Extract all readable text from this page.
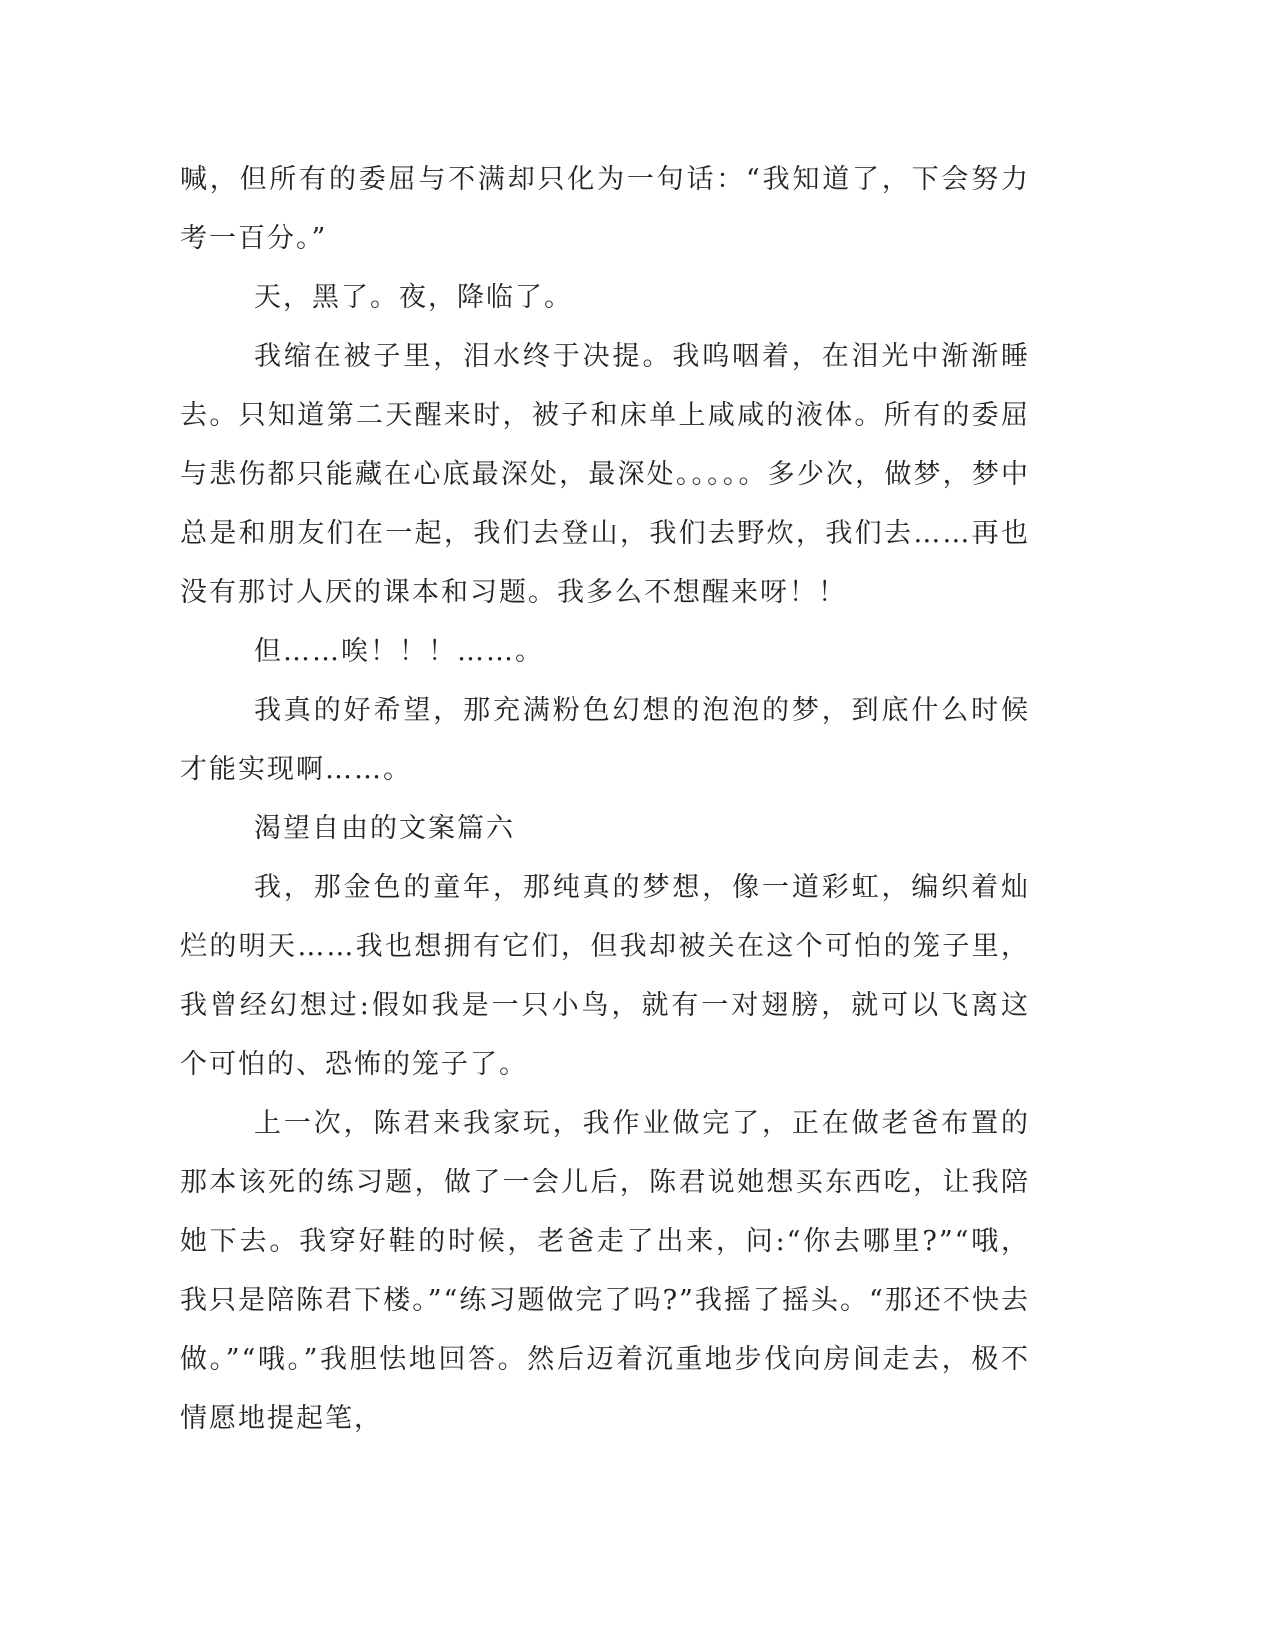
喊，但所有的委屈与不满却只化为一句话：“我知道了，下会努力考一百分。”

天，黑了。夜，降临了。

我缩在被子里，泪水终于决提。我呜咽着，在泪光中渐渐睡去。只知道第二天醒来时，被子和床单上咸咸的液体。所有的委屈与悲伤都只能藏在心底最深处，最深处。。。。。多少次，做梦，梦中总是和朋友们在一起，我们去登山，我们去野炊，我们去……再也没有那讨人厌的课本和习题。我多么不想醒来呀！！

但……唉！！！……。

我真的好希望，那充满粉色幻想的泡泡的梦，到底什么时候才能实现啊……。

渴望自由的文案篇六

我，那金色的童年，那纯真的梦想，像一道彩虹，编织着灿烂的明天……我也想拥有它们，但我却被关在这个可怕的笼子里，我曾经幻想过:假如我是一只小鸟，就有一对翅膀，就可以飞离这个可怕的、恐怖的笼子了。

上一次，陈君来我家玩，我作业做完了，正在做老爸布置的那本该死的练习题，做了一会儿后，陈君说她想买东西吃，让我陪她下去。我穿好鞋的时候，老爸走了出来，问:“你去哪里?”“哦，我只是陪陈君下楼。”“练习题做完了吗?”我摇了摇头。“那还不快去做。”“哦。”我胆怯地回答。然后迈着沉重地步伐向房间走去，极不情愿地提起笔，
